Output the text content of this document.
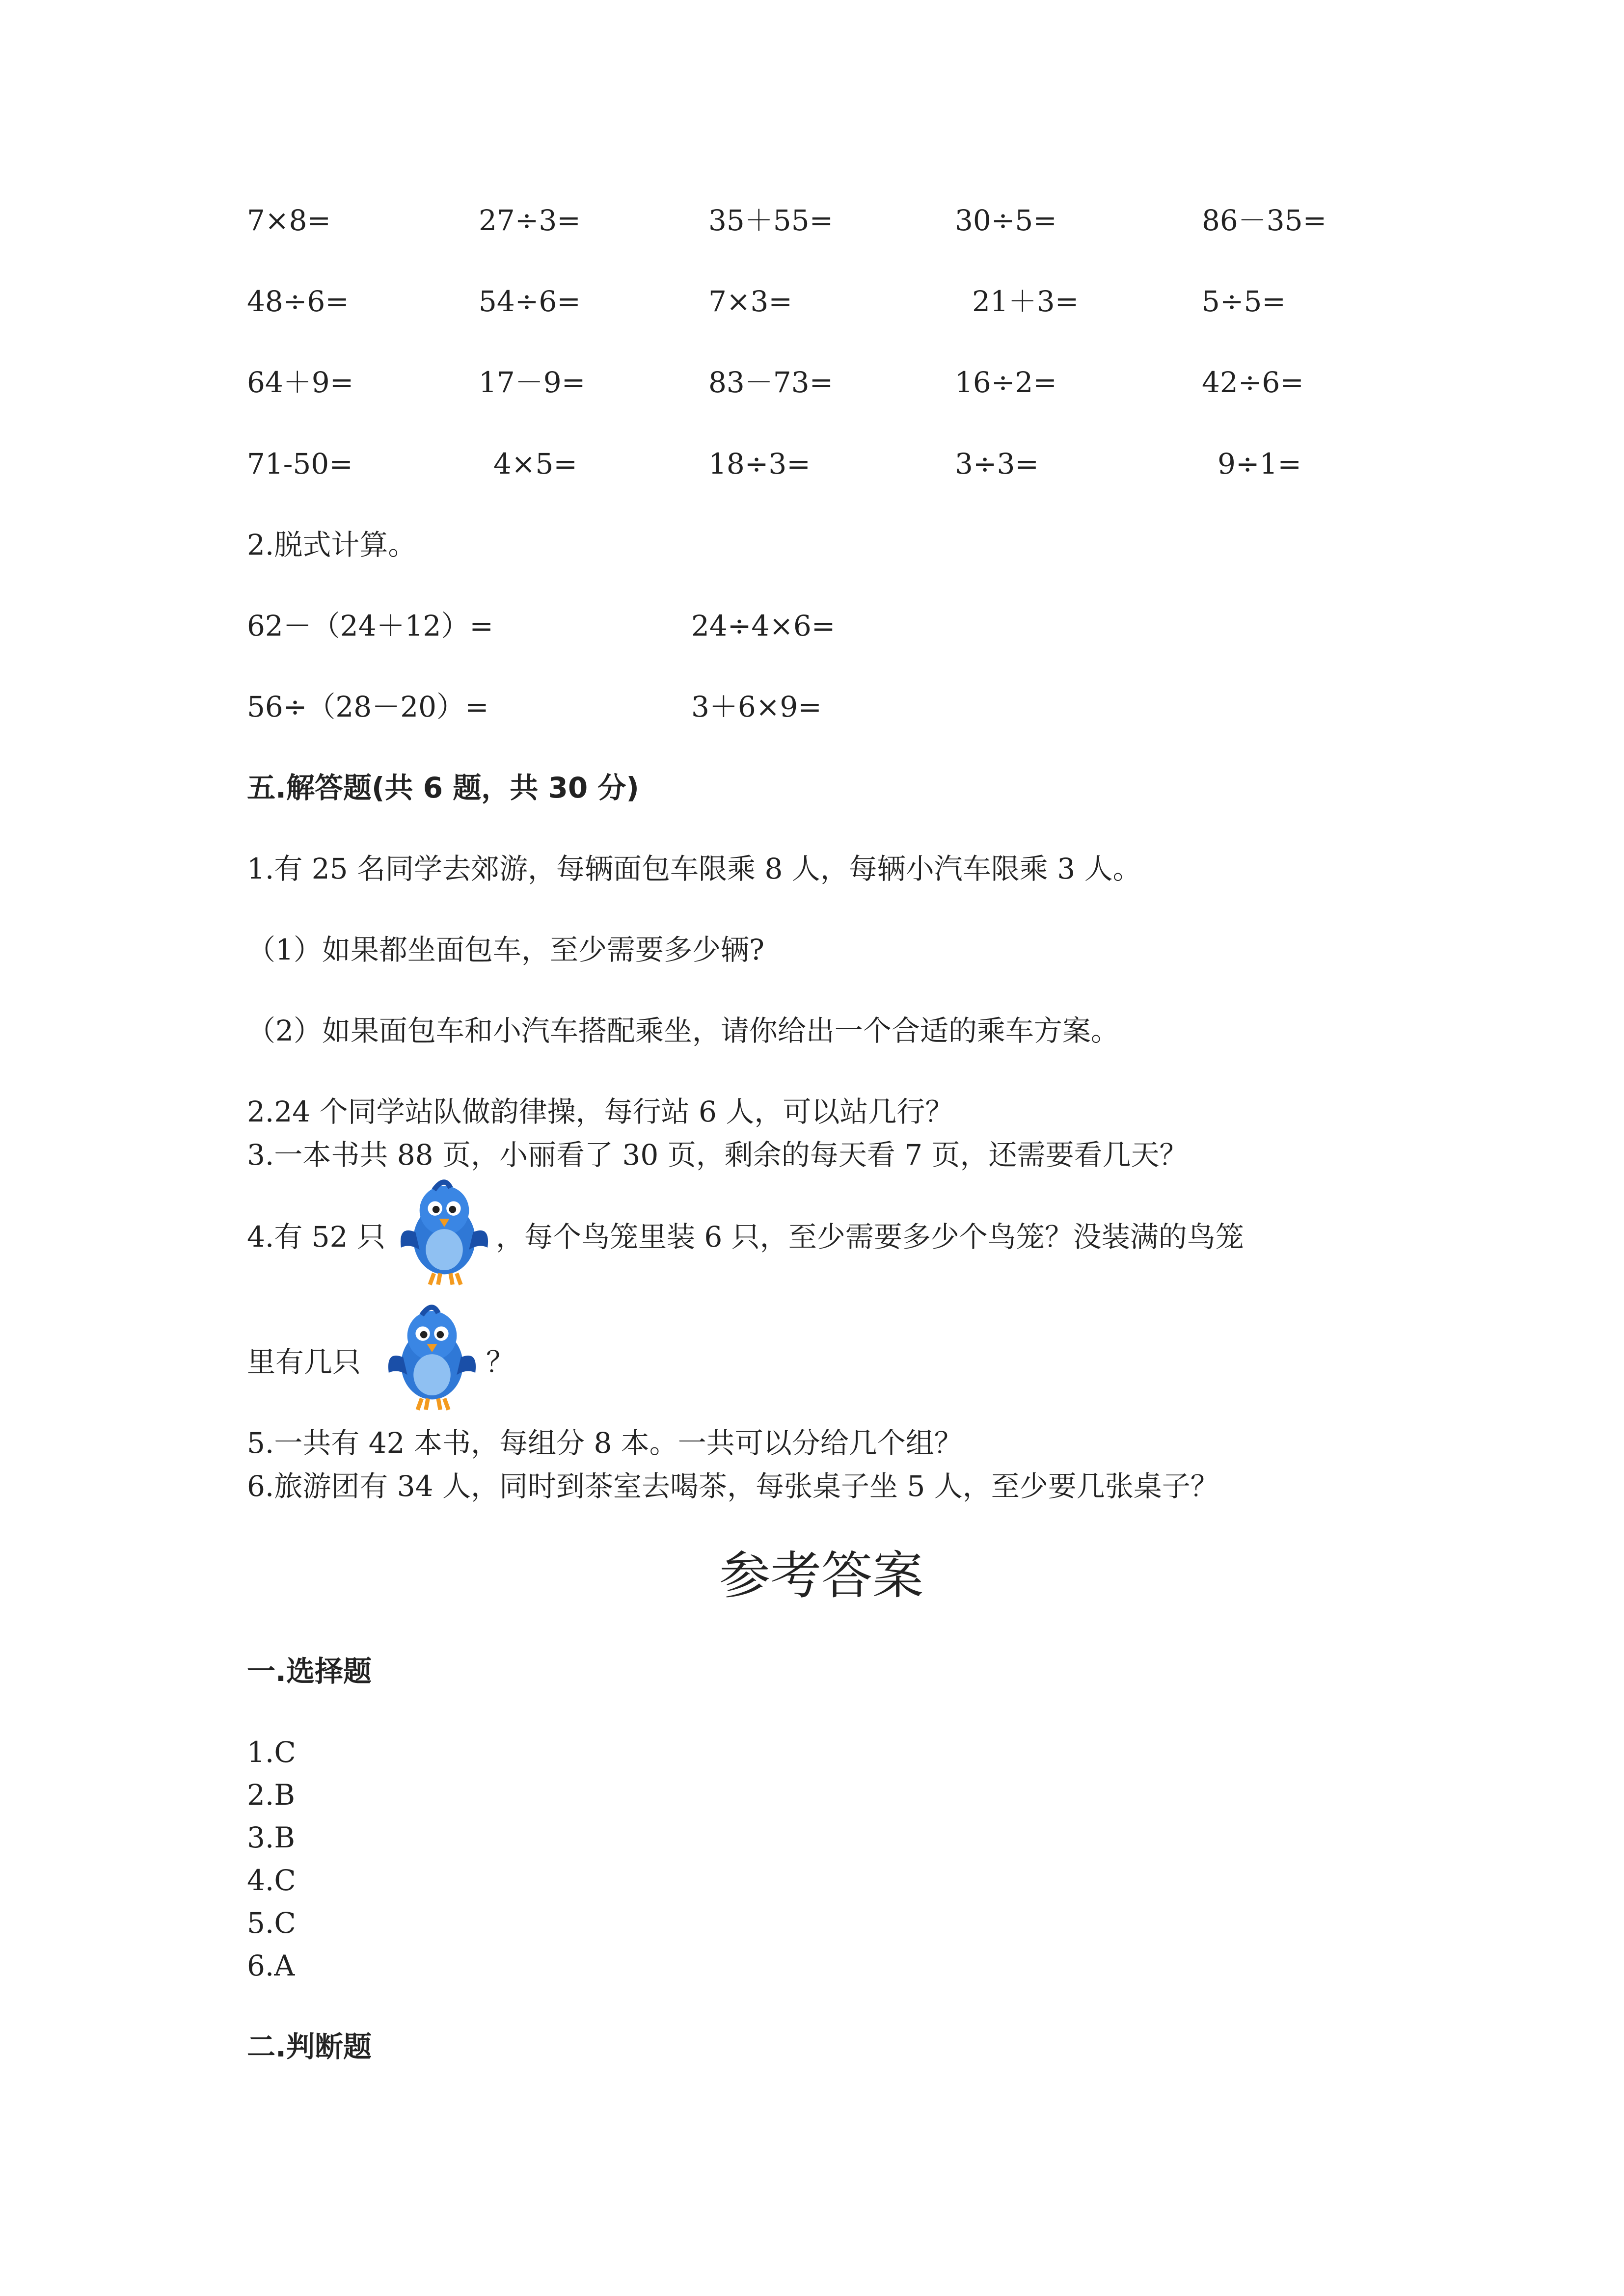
7×8=	27÷3=	35＋55=	30÷5=	86－35=
48÷6=	54÷6=	7×3=	21＋3=	5÷5=
64＋9=	17－9=	83－73=	16÷2=	42÷6=
71-50=	4×5=	18÷3=	3÷3=	9÷1=
2.脱式计算。
62－（24＋12）=	24÷4×6=
56÷（28－20）=	3＋6×9=
五.解答题(共 6 题，共 30 分)
1.有 25 名同学去郊游，每辆面包车限乘 8 人，每辆小汽车限乘 3 人。
（1）如果都坐面包车，至少需要多少辆?
（2）如果面包车和小汽车搭配乘坐，请你给出一个合适的乘车方案。
2.24 个同学站队做韵律操，每行站 6 人，可以站几行？
3.一本书共 88 页，小丽看了 30 页，剩余的每天看 7 页，还需要看几天？
4.有 52 只	，每个鸟笼里装 6 只，至少需要多少个鸟笼？没装满的鸟笼
里有几只	？
5.一共有 42 本书，每组分 8 本。一共可以分给几个组？
6.旅游团有 34 人，同时到茶室去喝茶，每张桌子坐 5 人，至少要几张桌子？
参考答案
一.选择题
1.C
2.B
3.B
4.C
5.C
6.A
二.判断题
